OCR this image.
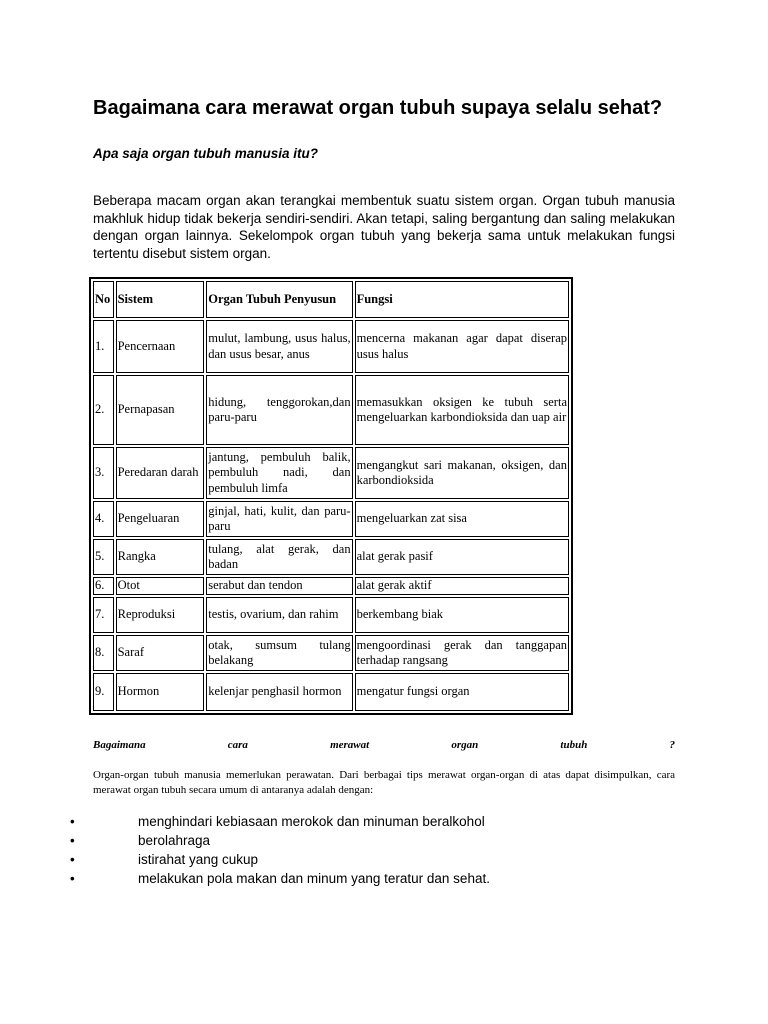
Bagaimana cara merawat organ tubuh supaya selalu sehat?

Apa saja organ tubuh manusia itu?

Beberapa macam organ akan terangkai membentuk suatu sistem organ. Organ tubuh manusia makhluk hidup tidak bekerja sendiri-sendiri. Akan tetapi, saling bergantung dan saling melakukan dengan organ lainnya. Sekelompok organ tubuh yang bekerja sama untuk melakukan fungsi tertentu disebut sistem organ.

No	Sistem	Organ Tubuh Penyusun	Fungsi
1.	Pencernaan	mulut, lambung, usus halus, dan usus besar, anus	mencerna makanan agar dapat diserap usus halus
2.	Pernapasan	hidung, tenggorokan,dan paru-paru	memasukkan oksigen ke tubuh serta mengeluarkan karbondioksida dan uap air
3.	Peredaran darah	jantung, pembuluh balik, pembuluh nadi, dan pembuluh limfa	mengangkut sari makanan, oksigen, dan karbondioksida
4.	Pengeluaran	ginjal, hati, kulit, dan paru-paru	mengeluarkan zat sisa
5.	Rangka	tulang, alat gerak, dan badan	alat gerak pasif
6.	Otot	serabut dan tendon	alat gerak aktif
7.	Reproduksi	testis, ovarium, dan rahim	berkembang biak
8.	Saraf	otak, sumsum tulang belakang	mengoordinasi gerak dan tanggapan terhadap rangsang
9.	Hormon	kelenjar penghasil hormon	mengatur fungsi organ
Bagaimana	cara	merawat	organ	tubuh	?

Organ-organ tubuh manusia memerlukan perawatan. Dari berbagai tips merawat organ-organ di atas dapat disimpulkan, cara merawat organ tubuh secara umum di antaranya adalah dengan:

•	menghindari kebiasaan merokok dan minuman beralkohol
•	berolahraga
•	istirahat yang cukup
•	melakukan pola makan dan minum yang teratur dan sehat.
